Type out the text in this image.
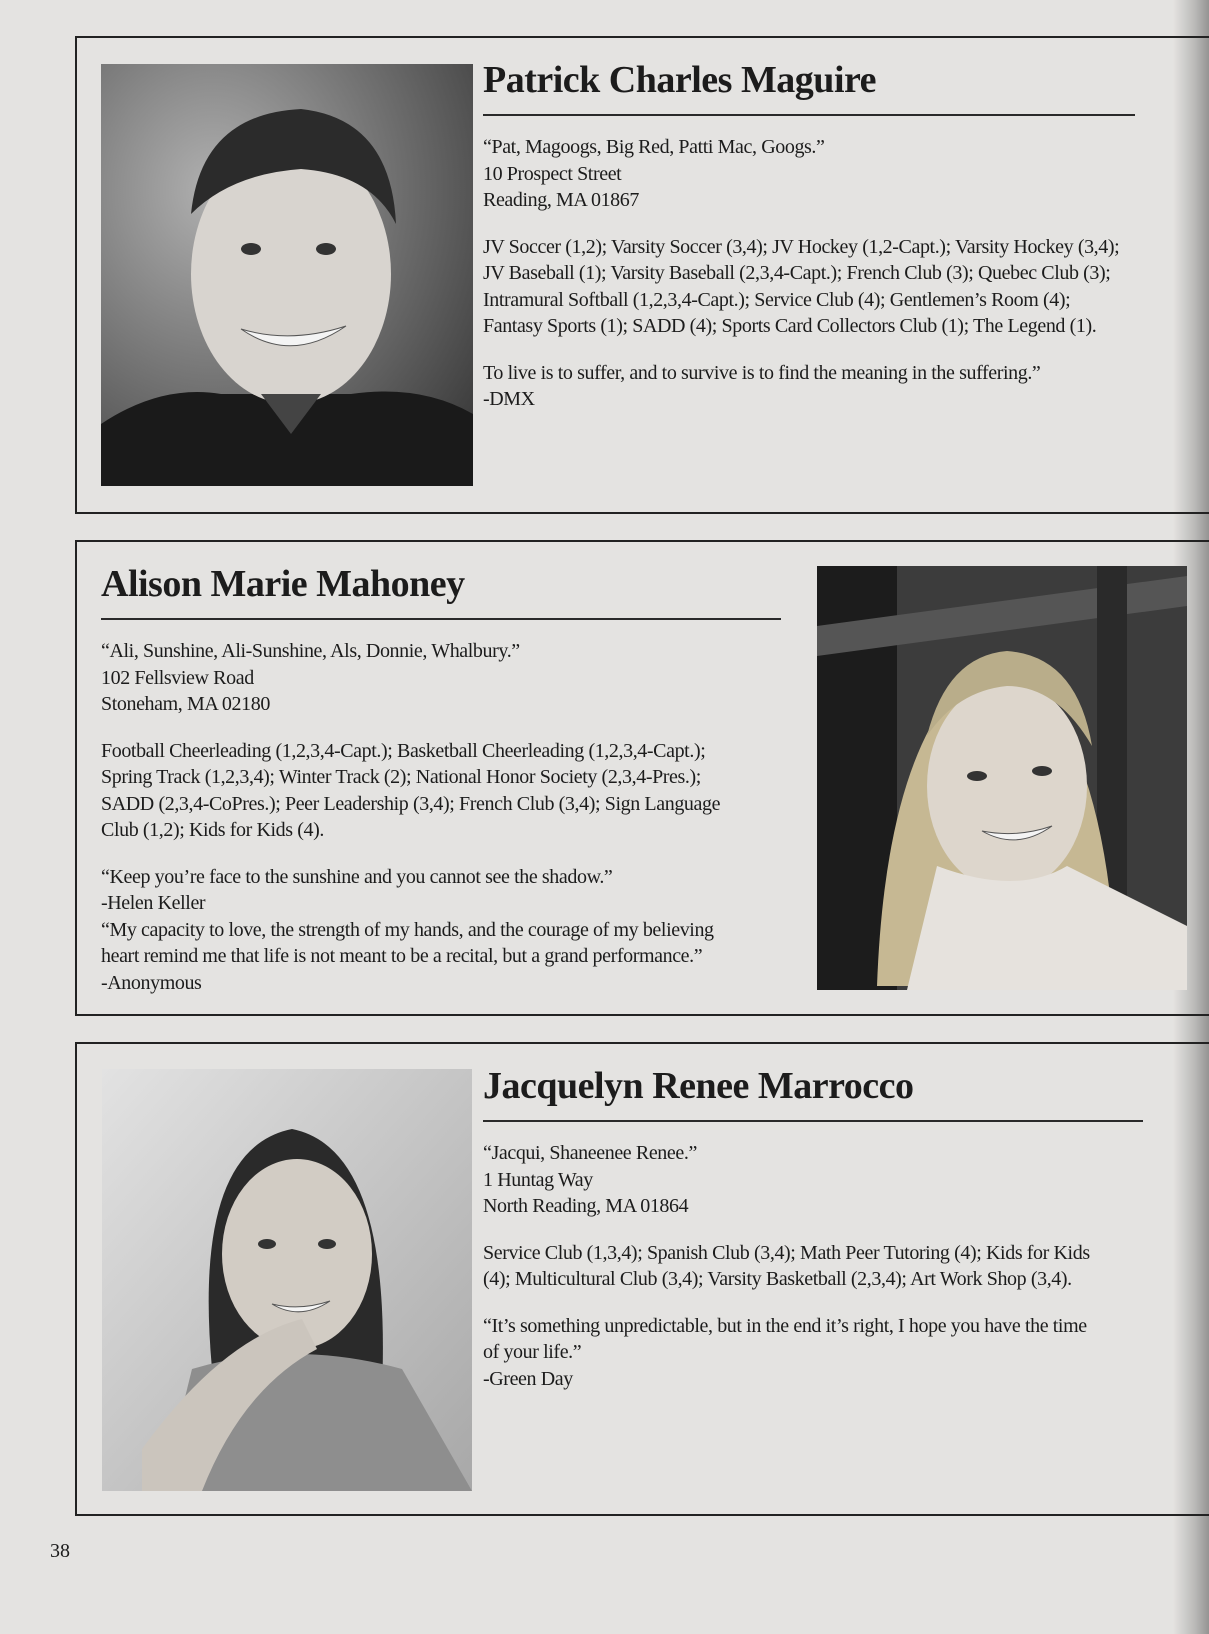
Patrick Charles Maguire

“Pat, Magoogs, Big Red, Patti Mac, Googs.”

10 Prospect Street

Reading, MA 01867

JV Soccer (1,2); Varsity Soccer (3,4); JV Hockey (1,2-Capt.); Varsity Hockey (3,4);

JV Baseball (1); Varsity Baseball (2,3,4-Capt.); French Club (3); Quebec Club (3);

Intramural Softball (1,2,3,4-Capt.); Service Club (4); Gentlemen’s Room (4);

Fantasy Sports (1); SADD (4); Sports Card Collectors Club (1); The Legend (1).

To live is to suffer, and to survive is to find the meaning in the suffering.”

-DMX

Alison Marie Mahoney

“Ali, Sunshine, Ali-Sunshine, Als, Donnie, Whalbury.”

102 Fellsview Road

Stoneham, MA 02180

Football Cheerleading (1,2,3,4-Capt.); Basketball Cheerleading (1,2,3,4-Capt.);

Spring Track (1,2,3,4); Winter Track (2); National Honor Society (2,3,4-Pres.);

SADD (2,3,4-CoPres.); Peer Leadership (3,4); French Club (3,4); Sign Language

Club (1,2); Kids for Kids (4).

“Keep you’re face to the sunshine and you cannot see the shadow.”

-Helen Keller

“My capacity to love, the strength of my hands, and the courage of my believing

heart remind me that life is not meant to be a recital, but a grand performance.”

-Anonymous

Jacquelyn Renee Marrocco

“Jacqui, Shaneenee Renee.”

1 Huntag Way

North Reading, MA 01864

Service Club (1,3,4); Spanish Club (3,4); Math Peer Tutoring (4); Kids for Kids

(4); Multicultural Club (3,4); Varsity Basketball (2,3,4); Art Work Shop (3,4).

“It’s something unpredictable, but in the end it’s right, I hope you have the time

of your life.”

-Green Day

38
